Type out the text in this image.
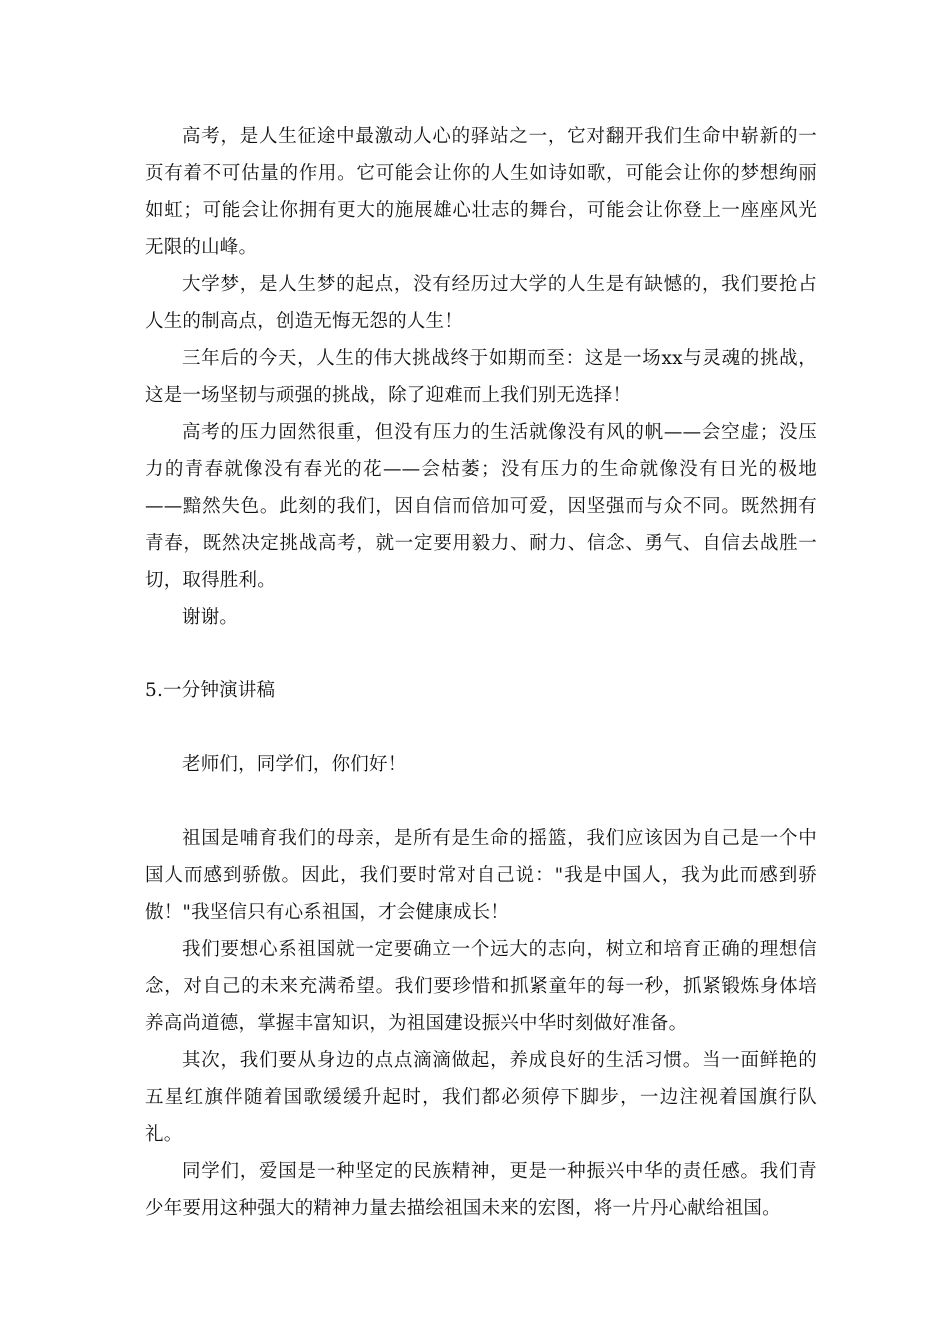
高考，是人生征途中最激动人心的驿站之一，它对翻开我们生命中崭新的一页有着不可估量的作用。它可能会让你的人生如诗如歌，可能会让你的梦想绚丽如虹；可能会让你拥有更大的施展雄心壮志的舞台，可能会让你登上一座座风光无限的山峰。

大学梦，是人生梦的起点，没有经历过大学的人生是有缺憾的，我们要抢占人生的制高点，创造无悔无怨的人生！

三年后的今天，人生的伟大挑战终于如期而至：这是一场xx与灵魂的挑战，这是一场坚韧与顽强的挑战，除了迎难而上我们别无选择！

高考的压力固然很重，但没有压力的生活就像没有风的帆——会空虚；没压力的青春就像没有春光的花——会枯萎；没有压力的生命就像没有日光的极地——黯然失色。此刻的我们，因自信而倍加可爱，因坚强而与众不同。既然拥有青春，既然决定挑战高考，就一定要用毅力、耐力、信念、勇气、自信去战胜一切，取得胜利。

谢谢。

5.一分钟演讲稿

老师们，同学们，你们好！

祖国是哺育我们的母亲，是所有是生命的摇篮，我们应该因为自己是一个中国人而感到骄傲。因此，我们要时常对自己说："我是中国人，我为此而感到骄傲！"我坚信只有心系祖国，才会健康成长！

我们要想心系祖国就一定要确立一个远大的志向，树立和培育正确的理想信念，对自己的未来充满希望。我们要珍惜和抓紧童年的每一秒，抓紧锻炼身体培养高尚道德，掌握丰富知识，为祖国建设振兴中华时刻做好准备。

其次，我们要从身边的点点滴滴做起，养成良好的生活习惯。当一面鲜艳的五星红旗伴随着国歌缓缓升起时，我们都必须停下脚步，一边注视着国旗行队礼。

同学们，爱国是一种坚定的民族精神，更是一种振兴中华的责任感。我们青少年要用这种强大的精神力量去描绘祖国未来的宏图，将一片丹心献给祖国。
